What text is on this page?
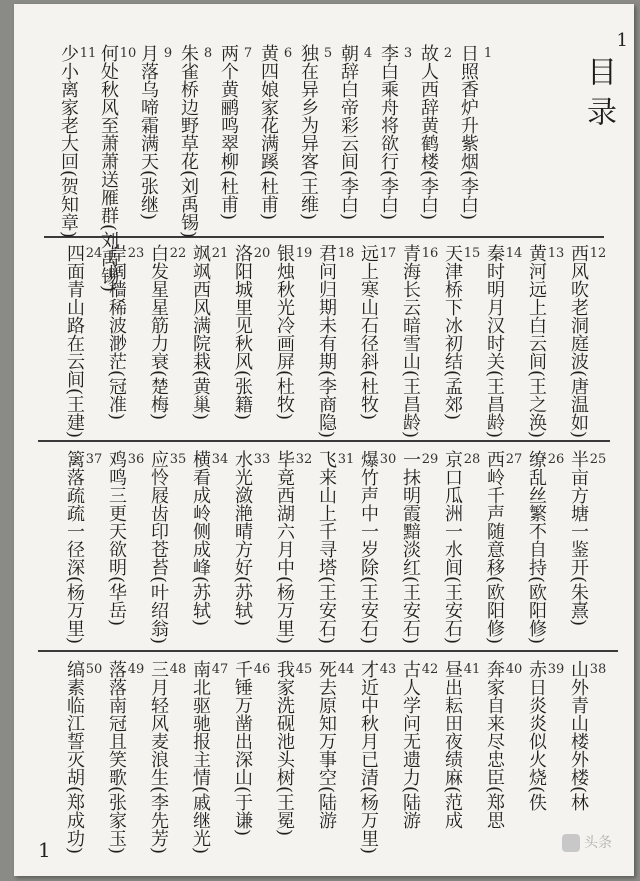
1
目录
1
日照香炉升紫烟(李白)
2
故人西辞黄鹤楼(李白)
3
李白乘舟将欲行(李白)
4
朝辞白帝彩云间(李白)
5
独在异乡为异客(王维)
6
黄四娘家花满蹊(杜甫)
7
两个黄鹂鸣翠柳(杜甫)
8
朱雀桥边野草花(刘禹锡)
9
月落乌啼霜满天(张继)
10
何处秋风至萧萧送雁群(刘禹锡)
11
少小离家老大回(贺知章)
12
西风吹老洞庭波(唐温如)
13
黄河远上白云间(王之涣)
14
秦时明月汉时关(王昌龄)
15
天津桥下冰初结(孟郊)
16
青海长云暗雪山(王昌龄)
17
远上寒山石径斜(杜牧)
18
君问归期未有期(李商隐)
19
银烛秋光冷画屏(杜牧)
20
洛阳城里见秋风(张籍)
21
飒飒西风满院栽(黄巢)
22
白发星星筋力衰(楚梅)
23
岸阔樯稀波渺茫(冠准)
24
四面青山路在云间(王建)
25
半亩方塘一鉴开(朱熹)
26
缭乱丝繁不自持(欧阳修)
27
西岭千声随意移(欧阳修)
28
京口瓜洲一水间(王安石)
29
一抹明霞黯淡红(王安石)
30
爆竹声中一岁除(王安石)
31
飞来山上千寻塔(王安石)
32
毕竟西湖六月中(杨万里)
33
水光潋滟晴方好(苏轼)
34
横看成岭侧成峰(苏轼)
35
应怜屐齿印苍苔(叶绍翁)
36
鸡鸣三更天欲明(华岳)
37
篱落疏疏一径深(杨万里)
38
山外青山楼外楼(林
39
赤日炎炎似火烧(佚
40
奔家自来尽忠臣(郑思
41
昼出耘田夜绩麻(范成
42
古人学问无遗力(陆游
43
才近中秋月已清(杨万里)
44
死去原知万事空(陆游
45
我家洗砚池头树(王冕)
46
千锤万凿出深山(于谦)
47
南北驱驰报主情(戚继光)
48
三月轻风麦浪生(李先芳)
49
落落南冠且笑歌(张家玉)
50
缟素临江誓灭胡(郑成功)
1	头条
